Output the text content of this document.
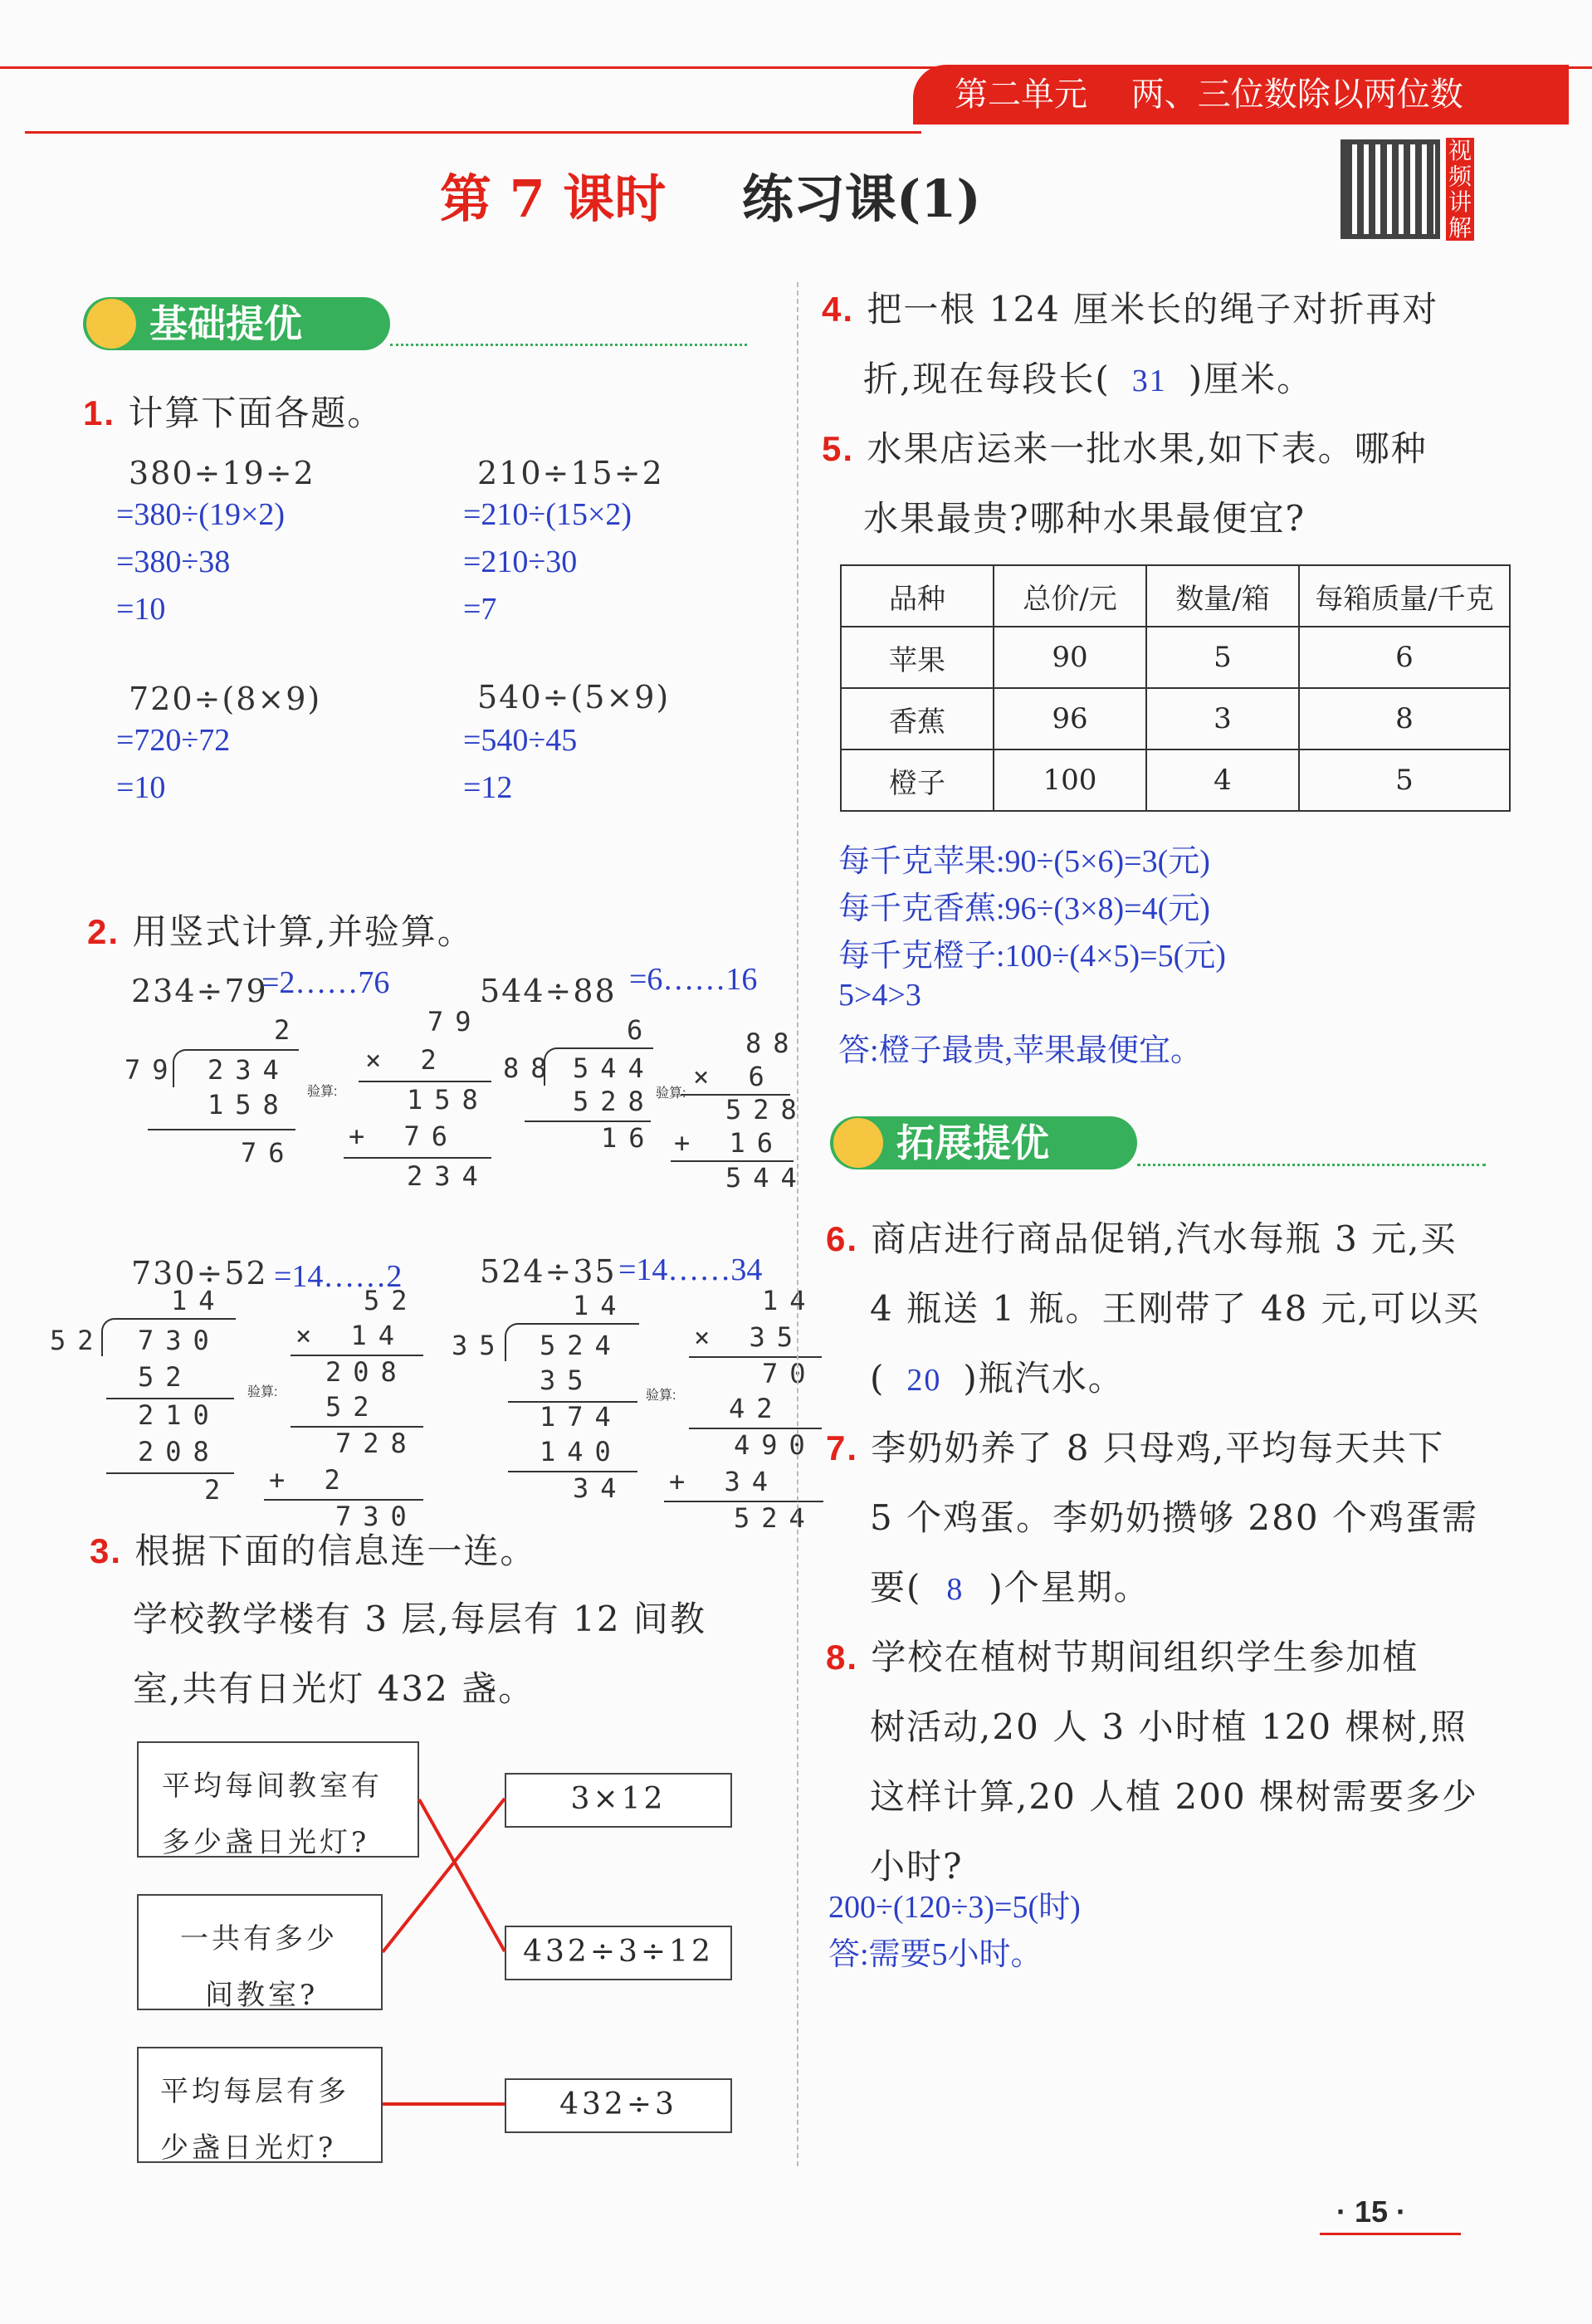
第二单元 两、三位数除以两位数
第 7 课时 练习课(1)
视频讲解
基础提优
1. 计算下面各题。
380÷19÷2
=380÷(19×2)
=380÷38
=10
210÷15÷2
=210÷(15×2)
=210÷30
=7
720÷(8×9)
=720÷72
=10
540÷(5×9)
=540÷45
=12
2. 用竖式计算,并验算。
234÷79
=2……76
2
79 234
158
76
验算:
79
× 2
158
+ 76
234
544÷88 =6……16
6
88 544
528
16
验算:
88
× 6
528
+ 16
544
730÷52 =14……2
14
52 730
52
210
208
2
验算:
52
× 14
208
52
728
+ 2
730
524÷35 =14……34
14
35 524
35
174
140
34
验算:
14
× 35
70
42
490
+ 34
524
3. 根据下面的信息连一连。
学校教学楼有 3 层,每层有 12 间教
室,共有日光灯 432 盏。
平均每间教室有
多少盏日光灯?
一共有多少
间教室?
平均每层有多
少盏日光灯?
3×12
432÷3÷12
432÷3
4. 把一根 124 厘米长的绳子对折再对
折,现在每段长( 31 )厘米。
5. 水果店运来一批水果,如下表。哪种
水果最贵?哪种水果最便宜?
品种	总价/元	数量/箱	每箱质量/千克
苹果	90	5	6
香蕉	96	3	8
橙子	100	4	5
每千克苹果:90÷(5×6)=3(元)
每千克香蕉:96÷(3×8)=4(元)
每千克橙子:100÷(4×5)=5(元)
5>4>3
答:橙子最贵,苹果最便宜。
拓展提优
6. 商店进行商品促销,汽水每瓶 3 元,买
4 瓶送 1 瓶。王刚带了 48 元,可以买
( 20 )瓶汽水。
7. 李奶奶养了 8 只母鸡,平均每天共下
5 个鸡蛋。李奶奶攒够 280 个鸡蛋需
要( 8 )个星期。
8. 学校在植树节期间组织学生参加植
树活动,20 人 3 小时植 120 棵树,照
这样计算,20 人植 200 棵树需要多少
小时?
200÷(120÷3)=5(时)
答:需要5小时。
· 15 ·
